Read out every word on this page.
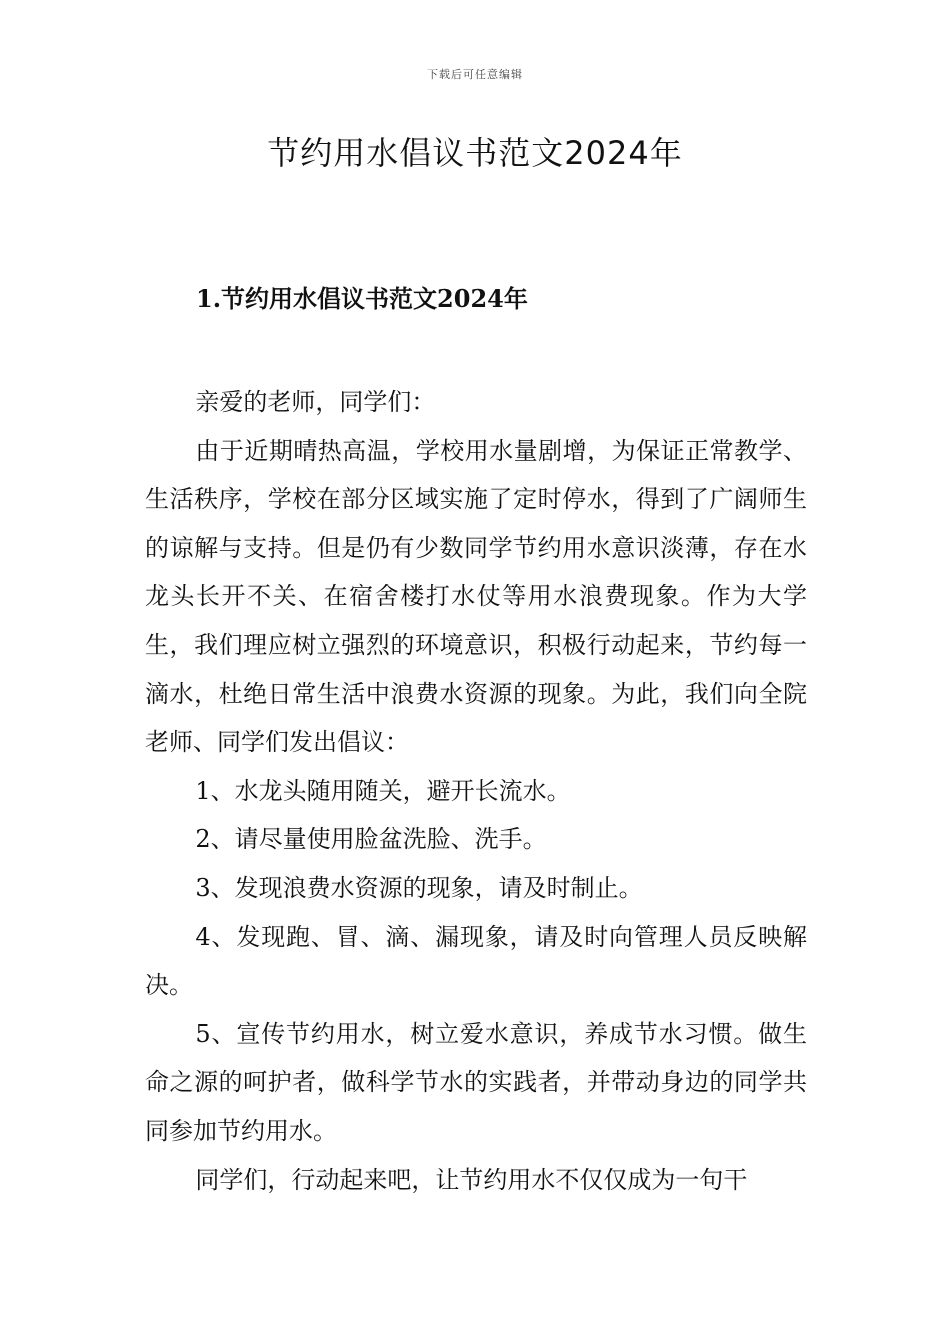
下载后可任意编辑
节约用水倡议书范文2024年
1.节约用水倡议书范文2024年

亲爱的老师，同学们：

由于近期晴热高温，学校用水量剧增，为保证正常教学、生活秩序，学校在部分区域实施了定时停水，得到了广阔师生的谅解与支持。但是仍有少数同学节约用水意识淡薄，存在水龙头长开不关、在宿舍楼打水仗等用水浪费现象。作为大学生，我们理应树立强烈的环境意识，积极行动起来，节约每一滴水，杜绝日常生活中浪费水资源的现象。为此，我们向全院老师、同学们发出倡议：

1、水龙头随用随关，避开长流水。

2、请尽量使用脸盆洗脸、洗手。

3、发现浪费水资源的现象，请及时制止。

4、发现跑、冒、滴、漏现象，请及时向管理人员反映解决。

5、宣传节约用水，树立爱水意识，养成节水习惯。做生命之源的呵护者，做科学节水的实践者，并带动身边的同学共同参加节约用水。

同学们，行动起来吧，让节约用水不仅仅成为一句干
